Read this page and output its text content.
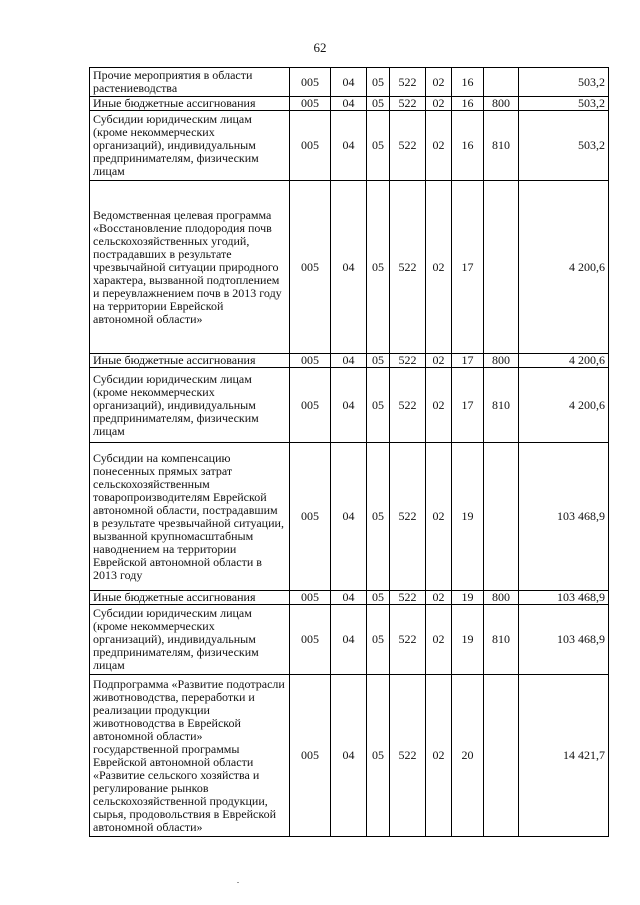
62
Прочие мероприятия в области растениеводства	005	04	05	522	02	16		503,2
Иные бюджетные ассигнования	005	04	05	522	02	16	800	503,2
Субсидии юридическим лицам (кроме некоммерческих организаций), индивидуальным предпринимателям, физическим лицам	005	04	05	522	02	16	810	503,2
Ведомственная целевая программа «Восстановление плодородия почв сельскохозяйственных угодий, пострадавших в результате чрезвычайной ситуации природного характера, вызванной подтоплением и переувлажнением почв в 2013 году на территории Еврейской автономной области»	005	04	05	522	02	17		4 200,6
Иные бюджетные ассигнования	005	04	05	522	02	17	800	4 200,6
Субсидии юридическим лицам (кроме некоммерческих организаций), индивидуальным предпринимателям, физическим лицам	005	04	05	522	02	17	810	4 200,6
Субсидии на компенсацию понесенных прямых затрат сельскохозяйственным товаропроизводителям Еврейской автономной области, пострадавшим в результате чрезвычайной ситуации, вызванной крупномасштабным наводнением на территории Еврейской автономной области в 2013 году	005	04	05	522	02	19		103 468,9
Иные бюджетные ассигнования	005	04	05	522	02	19	800	103 468,9
Субсидии юридическим лицам (кроме некоммерческих организаций), индивидуальным предпринимателям, физическим лицам	005	04	05	522	02	19	810	103 468,9
Подпрограмма «Развитие подотрасли животноводства, переработки и реализации продукции животноводства в Еврейской автономной области» государственной программы Еврейской автономной области «Развитие сельского хозяйства и регулирование рынков сельскохозяйственной продукции, сырья, продовольствия в Еврейской автономной области»	005	04	05	522	02	20		14 421,7
